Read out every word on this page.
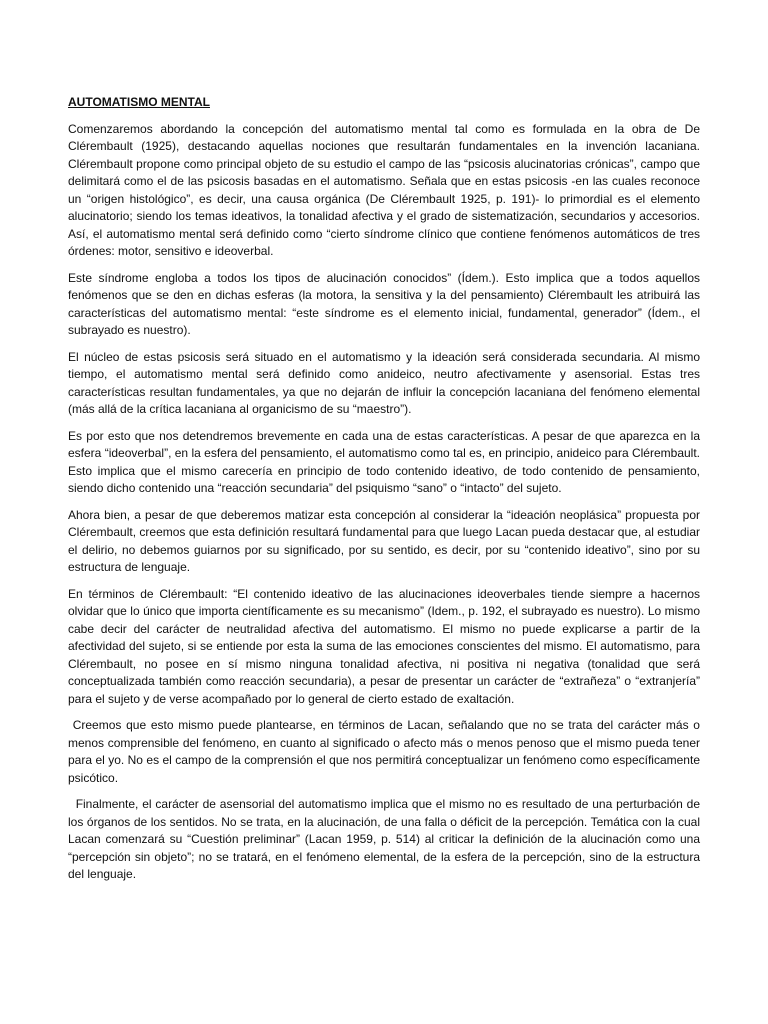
AUTOMATISMO MENTAL

Comenzaremos abordando la concepción del automatismo mental tal como es formulada en la obra de De Clérembault (1925), destacando aquellas nociones que resultarán fundamentales en la invención lacaniana. Clérembault propone como principal objeto de su estudio el campo de las “psicosis alucinatorias crónicas”, campo que delimitará como el de las psicosis basadas en el automatismo. Señala que en estas psicosis -en las cuales reconoce un “origen histológico”, es decir, una causa orgánica (De Clérembault 1925, p. 191)- lo primordial es el elemento alucinatorio; siendo los temas ideativos, la tonalidad afectiva y el grado de sistematización, secundarios y accesorios. Así, el automatismo mental será definido como “cierto síndrome clínico que contiene fenómenos automáticos de tres órdenes: motor, sensitivo e ideoverbal.

Este síndrome engloba a todos los tipos de alucinación conocidos” (Ídem.). Esto implica que a todos aquellos fenómenos que se den en dichas esferas (la motora, la sensitiva y la del pensamiento) Clérembault les atribuirá las características del automatismo mental: “este síndrome es el elemento inicial, fundamental, generador” (Ídem., el subrayado es nuestro).

El núcleo de estas psicosis será situado en el automatismo y la ideación será considerada secundaria. Al mismo tiempo, el automatismo mental será definido como anideico, neutro afectivamente y asensorial. Estas tres características resultan fundamentales, ya que no dejarán de influir la concepción lacaniana del fenómeno elemental (más allá de la crítica lacaniana al organicismo de su “maestro”).

Es por esto que nos detendremos brevemente en cada una de estas características. A pesar de que aparezca en la esfera “ideoverbal”, en la esfera del pensamiento, el automatismo como tal es, en principio, anideico para Clérembault. Esto implica que el mismo carecería en principio de todo contenido ideativo, de todo contenido de pensamiento, siendo dicho contenido una “reacción secundaria” del psiquismo “sano” o “intacto” del sujeto.

Ahora bien, a pesar de que deberemos matizar esta concepción al considerar la “ideación neoplásica” propuesta por Clérembault, creemos que esta definición resultará fundamental para que luego Lacan pueda destacar que, al estudiar el delirio, no debemos guiarnos por su significado, por su sentido, es decir, por su “contenido ideativo”, sino por su estructura de lenguaje.

En términos de Clérembault: “El contenido ideativo de las alucinaciones ideoverbales tiende siempre a hacernos olvidar que lo único que importa científicamente es su mecanismo” (Idem., p. 192, el subrayado es nuestro). Lo mismo cabe decir del carácter de neutralidad afectiva del automatismo. El mismo no puede explicarse a partir de la afectividad del sujeto, si se entiende por esta la suma de las emociones conscientes del mismo. El automatismo, para Clérembault, no posee en sí mismo ninguna tonalidad afectiva, ni positiva ni negativa (tonalidad que será conceptualizada también como reacción secundaria), a pesar de presentar un carácter de “extrañeza” o “extranjería” para el sujeto y de verse acompañado por lo general de cierto estado de exaltación.

Creemos que esto mismo puede plantearse, en términos de Lacan, señalando que no se trata del carácter más o menos comprensible del fenómeno, en cuanto al significado o afecto más o menos penoso que el mismo pueda tener para el yo. No es el campo de la comprensión el que nos permitirá conceptualizar un fenómeno como específicamente psicótico.

Finalmente, el carácter de asensorial del automatismo implica que el mismo no es resultado de una perturbación de los órganos de los sentidos. No se trata, en la alucinación, de una falla o déficit de la percepción. Temática con la cual Lacan comenzará su “Cuestión preliminar” (Lacan 1959, p. 514) al criticar la definición de la alucinación como una “percepción sin objeto”; no se tratará, en el fenómeno elemental, de la esfera de la percepción, sino de la estructura del lenguaje.
